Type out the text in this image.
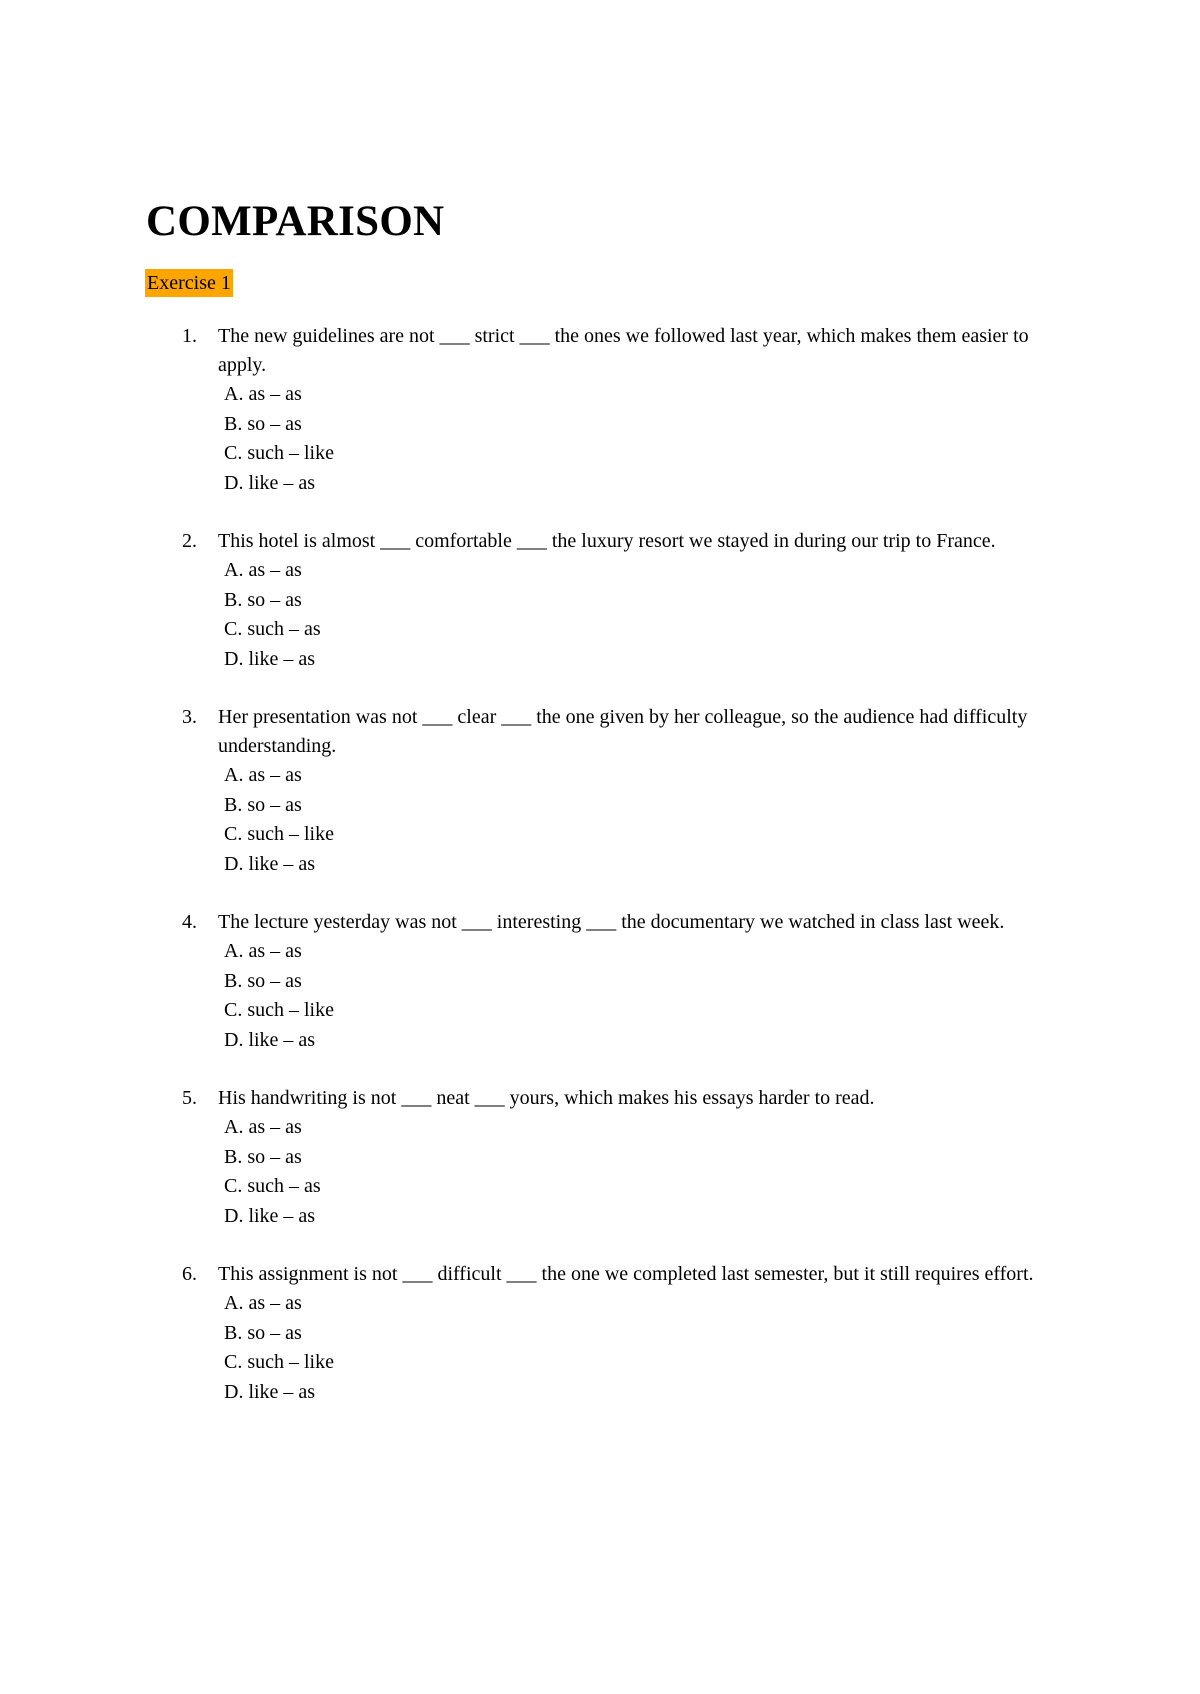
COMPARISON
Exercise 1
1.	The new guidelines are not ___ strict ___ the ones we followed last year, which makes them easier to apply.
A. as – as
B. so – as
C. such – like
D. like – as
2.	This hotel is almost ___ comfortable ___ the luxury resort we stayed in during our trip to France.
A. as – as
B. so – as
C. such – as
D. like – as
3.	Her presentation was not ___ clear ___ the one given by her colleague, so the audience had difficulty understanding.
A. as – as
B. so – as
C. such – like
D. like – as
4.	The lecture yesterday was not ___ interesting ___ the documentary we watched in class last week.
A. as – as
B. so – as
C. such – like
D. like – as
5.	His handwriting is not ___ neat ___ yours, which makes his essays harder to read.
A. as – as
B. so – as
C. such – as
D. like – as
6.	This assignment is not ___ difficult ___ the one we completed last semester, but it still requires effort.
A. as – as
B. so – as
C. such – like
D. like – as
